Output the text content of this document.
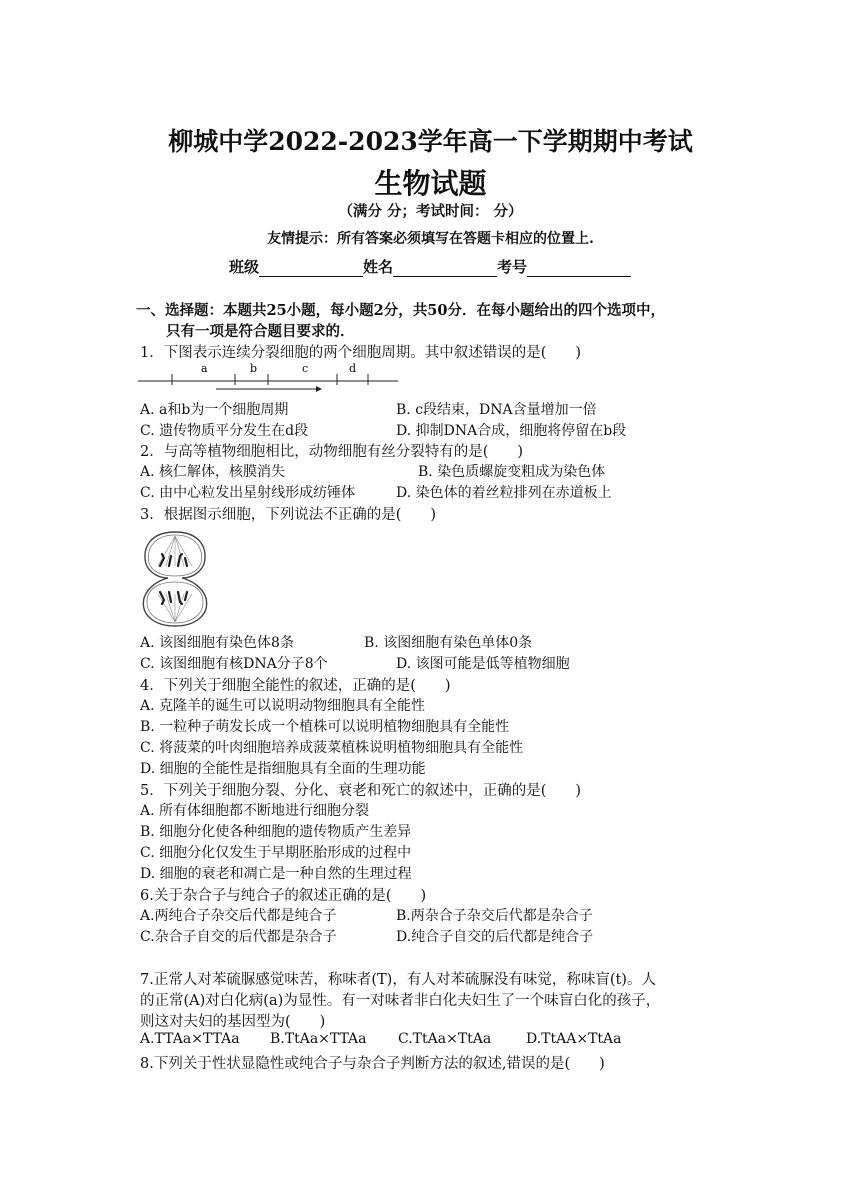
柳城中学2022-2023学年高一下学期期中考试
生物试题
（满分 分；考试时间： 分）
友情提示：所有答案必须填写在答题卡相应的位置上.
班级	姓名	考号
一、选择题：本题共25小题，每小题2分，共50分．在每小题给出的四个选项中，
只有一项是符合题目要求的．
1．下图表示连续分裂细胞的两个细胞周期。其中叙述错误的是(　　)
a	b	c	d
A. a和b为一个细胞周期	B. c段结束，DNA含量增加一倍
C. 遗传物质平分发生在d段	D. 抑制DNA合成，细胞将停留在b段
2．与高等植物细胞相比，动物细胞有丝分裂特有的是(　　)
A. 核仁解体，核膜消失	B. 染色质螺旋变粗成为染色体
C. 由中心粒发出星射线形成纺锤体	D. 染色体的着丝粒排列在赤道板上
3．根据图示细胞，下列说法不正确的是(　　)
A. 该图细胞有染色体8条	B. 该图细胞有染色单体0条
C. 该图细胞有核DNA分子8个	D. 该图可能是低等植物细胞
4．下列关于细胞全能性的叙述，正确的是(　　)
A. 克隆羊的诞生可以说明动物细胞具有全能性
B. 一粒种子萌发长成一个植株可以说明植物细胞具有全能性
C. 将菠菜的叶肉细胞培养成菠菜植株说明植物细胞具有全能性
D. 细胞的全能性是指细胞具有全面的生理功能
5．下列关于细胞分裂、分化、衰老和死亡的叙述中，正确的是(　　)
A. 所有体细胞都不断地进行细胞分裂
B. 细胞分化使各种细胞的遗传物质产生差异
C. 细胞分化仅发生于早期胚胎形成的过程中
D. 细胞的衰老和凋亡是一种自然的生理过程
6.关于杂合子与纯合子的叙述正确的是(　　)
A.两纯合子杂交后代都是纯合子	B.两杂合子杂交后代都是杂合子
C.杂合子自交的后代都是杂合子	D.纯合子自交的后代都是纯合子
7.正常人对苯硫脲感觉味苦，称味者(T)，有人对苯硫脲没有味觉，称味盲(t)。人
的正常(A)对白化病(a)为显性。有一对味者非白化夫妇生了一个味盲白化的孩子，
则这对夫妇的基因型为(　　)
A.TTAa×TTAa B.TtAa×TTAa C.TtAa×TtAa D.TtAA×TtAa
8.下列关于性状显隐性或纯合子与杂合子判断方法的叙述,错误的是(　　)
